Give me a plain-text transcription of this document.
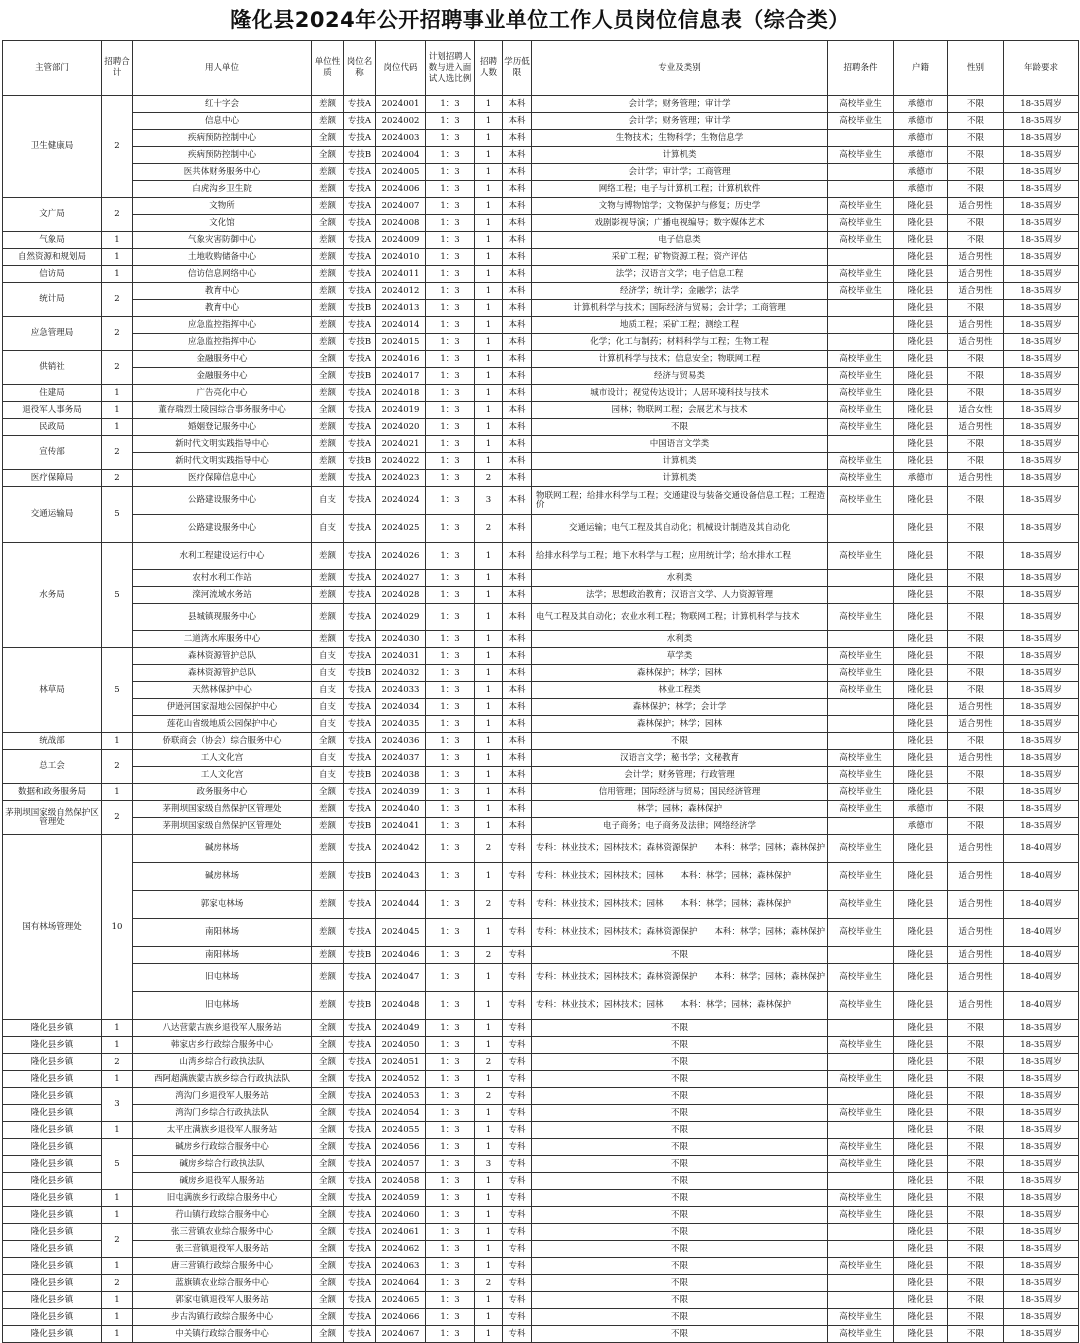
隆化县2024年公开招聘事业单位工作人员岗位信息表（综合类）
主管部门	招聘合计	用人单位	单位性质	岗位名称	岗位代码	计划招聘人数与进入面试人选比例	招聘人数	学历低限	专业及类别	招聘条件	户籍	性别	年龄要求
卫生健康局	2	红十字会	差额	专技A	2024001	1：3	1	本科	会计学；财务管理；审计学	高校毕业生	承德市	不限	18-35周岁
		信息中心	差额	专技A	2024002	1：3	1	本科	会计学；财务管理；审计学	高校毕业生	承德市	不限	18-35周岁
		疾病预防控制中心	全额	专技A	2024003	1：3	1	本科	生物技术；生物科学；生物信息学		承德市	不限	18-35周岁
		疾病预防控制中心	全额	专技B	2024004	1：3	1	本科	计算机类	高校毕业生	承德市	不限	18-35周岁
		医共体财务服务中心	差额	专技A	2024005	1：3	1	本科	会计学；审计学；工商管理		承德市	不限	18-35周岁
		白虎沟乡卫生院	差额	专技A	2024006	1：3	1	本科	网络工程；电子与计算机工程；计算机软件		承德市	不限	18-35周岁
文广局	2	文物所	差额	专技A	2024007	1：3	1	本科	文物与博物馆学；文物保护与修复；历史学	高校毕业生	隆化县	适合男性	18-35周岁
		文化馆	全额	专技A	2024008	1：3	1	本科	戏剧影视导演；广播电视编导；数字媒体艺术	高校毕业生	隆化县	不限	18-35周岁
气象局	1	气象灾害防御中心	差额	专技A	2024009	1：3	1	本科	电子信息类	高校毕业生	隆化县	不限	18-35周岁
自然资源和规划局	1	土地收购储备中心	差额	专技A	2024010	1：3	1	本科	采矿工程；矿物资源工程；资产评估		隆化县	适合男性	18-35周岁
信访局	1	信访信息网络中心	差额	专技A	2024011	1：3	1	本科	法学；汉语言文学；电子信息工程	高校毕业生	隆化县	适合男性	18-35周岁
统计局	2	教育中心	差额	专技A	2024012	1：3	1	本科	经济学；统计学；金融学；法学	高校毕业生	隆化县	适合男性	18-35周岁
		教育中心	差额	专技B	2024013	1：3	1	本科	计算机科学与技术；国际经济与贸易；会计学；工商管理		隆化县	不限	18-35周岁
应急管理局	2	应急监控指挥中心	差额	专技A	2024014	1：3	1	本科	地质工程；采矿工程；测绘工程		隆化县	适合男性	18-35周岁
		应急监控指挥中心	差额	专技B	2024015	1：3	1	本科	化学；化工与制药；材料科学与工程；生物工程		隆化县	适合男性	18-35周岁
供销社	2	金融服务中心	全额	专技A	2024016	1：3	1	本科	计算机科学与技术；信息安全；物联网工程	高校毕业生	隆化县	不限	18-35周岁
		金融服务中心	全额	专技B	2024017	1：3	1	本科	经济与贸易类	高校毕业生	隆化县	不限	18-35周岁
住建局	1	广告亮化中心	差额	专技A	2024018	1：3	1	本科	城市设计；视觉传达设计；人居环境科技与技术	高校毕业生	隆化县	不限	18-35周岁
退役军人事务局	1	董存瑞烈士陵园综合事务服务中心	全额	专技A	2024019	1：3	1	本科	园林；物联网工程；会展艺术与技术	高校毕业生	隆化县	适合女性	18-35周岁
民政局	1	婚姻登记服务中心	差额	专技A	2024020	1：3	1	本科	不限	高校毕业生	隆化县	适合男性	18-35周岁
宣传部	2	新时代文明实践指导中心	差额	专技A	2024021	1：3	1	本科	中国语言文学类		隆化县	不限	18-35周岁
		新时代文明实践指导中心	差额	专技B	2024022	1：3	1	本科	计算机类	高校毕业生	隆化县	不限	18-35周岁
医疗保障局	2	医疗保障信息中心	差额	专技A	2024023	1：3	2	本科	计算机类	高校毕业生	承德市	适合男性	18-35周岁
交通运输局	5	公路建设服务中心	自支	专技A	2024024	1：3	3	本科	物联网工程；给排水科学与工程；交通建设与装备交通设备信息工程；工程造价	高校毕业生	隆化县	不限	18-35周岁
		公路建设服务中心	自支	专技A	2024025	1：3	2	本科	交通运输；电气工程及其自动化；机械设计制造及其自动化		隆化县	不限	18-35周岁
水务局	5	水利工程建设运行中心	差额	专技A	2024026	1：3	1	本科	给排水科学与工程；地下水科学与工程；应用统计学；给水排水工程	高校毕业生	隆化县	不限	18-35周岁
		农村水利工作站	差额	专技A	2024027	1：3	1	本科	水利类		隆化县	不限	18-35周岁
		滦河流域水务站	差额	专技A	2024028	1：3	1	本科	法学；思想政治教育；汉语言文学、人力资源管理		隆化县	不限	18-35周岁
		县城镇现服务中心	差额	专技A	2024029	1：3	1	本科	电气工程及其自动化；农业水利工程；物联网工程；计算机科学与技术	高校毕业生	隆化县	不限	18-35周岁
		二道湾水库服务中心	差额	专技A	2024030	1：3	1	本科	水利类		隆化县	不限	18-35周岁
林草局	5	森林资源管护总队	自支	专技A	2024031	1：3	1	本科	草学类	高校毕业生	隆化县	不限	18-35周岁
		森林资源管护总队	自支	专技B	2024032	1：3	1	本科	森林保护；林学；园林	高校毕业生	隆化县	不限	18-35周岁
		天然林保护中心	自支	专技A	2024033	1：3	1	本科	林业工程类	高校毕业生	隆化县	不限	18-35周岁
		伊逊河国家湿地公园保护中心	自支	专技A	2024034	1：3	1	本科	森林保护；林学；会计学		隆化县	适合男性	18-35周岁
		莲花山省级地质公园保护中心	自支	专技A	2024035	1：3	1	本科	森林保护；林学；园林		隆化县	适合男性	18-35周岁
统战部	1	侨联商会（协会）综合服务中心	全额	专技A	2024036	1：3	1	本科	不限		隆化县	不限	18-35周岁
总工会	2	工人文化宫	自支	专技A	2024037	1：3	1	本科	汉语言文学；秘书学；文秘教育	高校毕业生	隆化县	适合男性	18-35周岁
		工人文化宫	自支	专技B	2024038	1：3	1	本科	会计学；财务管理；行政管理	高校毕业生	隆化县	不限	18-35周岁
数据和政务服务局	1	政务服务中心	全额	专技A	2024039	1：3	1	本科	信用管理；国际经济与贸易；国民经济管理	高校毕业生	隆化县	不限	18-35周岁
茅荆坝国家级自然保护区管理处	2	茅荆坝国家级自然保护区管理处	差额	专技A	2024040	1：3	1	本科	林学；园林；森林保护	高校毕业生	承德市	不限	18-35周岁
		茅荆坝国家级自然保护区管理处	差额	专技B	2024041	1：3	1	本科	电子商务；电子商务及法律；网络经济学		承德市	不限	18-35周岁
国有林场管理处	10	碱房林场	差额	专技A	2024042	1：3	2	专科	专科：林业技术；园林技术；森林资源保护　　本科：林学；园林；森林保护	高校毕业生	隆化县	适合男性	18-40周岁
		碱房林场	差额	专技B	2024043	1：3	1	专科	专科：林业技术；园林技术；园林　　本科：林学；园林；森林保护	高校毕业生	隆化县	适合男性	18-40周岁
		郭家屯林场	差额	专技A	2024044	1：3	2	专科	专科：林业技术；园林技术；园林　　本科：林学；园林；森林保护	高校毕业生	隆化县	适合男性	18-40周岁
		南阳林场	差额	专技A	2024045	1：3	1	专科	专科：林业技术；园林技术；森林资源保护　　本科：林学；园林；森林保护	高校毕业生	隆化县	适合男性	18-40周岁
		南阳林场	差额	专技B	2024046	1：3	2	专科	不限		隆化县	适合男性	18-40周岁
		旧屯林场	差额	专技A	2024047	1：3	1	专科	专科：林业技术；园林技术；森林资源保护　　本科：林学；园林；森林保护	高校毕业生	隆化县	适合男性	18-40周岁
		旧屯林场	差额	专技B	2024048	1：3	1	专科	专科：林业技术；园林技术；园林　　本科：林学；园林；森林保护	高校毕业生	隆化县	适合男性	18-40周岁
隆化县乡镇	1	八达营蒙古族乡退役军人服务站	全额	专技A	2024049	1：3	1	专科	不限		隆化县	不限	18-35周岁
隆化县乡镇	1	韩家店乡行政综合服务中心	全额	专技A	2024050	1：3	1	专科	不限	高校毕业生	隆化县	不限	18-35周岁
隆化县乡镇	2	山湾乡综合行政执法队	全额	专技A	2024051	1：3	2	专科	不限		隆化县	不限	18-35周岁
隆化县乡镇	1	西阿超满族蒙古族乡综合行政执法队	全额	专技A	2024052	1：3	1	专科	不限	高校毕业生	隆化县	不限	18-35周岁
隆化县乡镇	3	湾沟门乡退役军人服务站	全额	专技A	2024053	1：3	2	专科	不限		隆化县	不限	18-35周岁
隆化县乡镇		湾沟门乡综合行政执法队	全额	专技A	2024054	1：3	1	专科	不限	高校毕业生	隆化县	不限	18-35周岁
隆化县乡镇	1	太平庄满族乡退役军人服务站	全额	专技A	2024055	1：3	1	专科	不限		隆化县	不限	18-35周岁
隆化县乡镇	5	碱房乡行政综合服务中心	全额	专技A	2024056	1：3	1	专科	不限	高校毕业生	隆化县	不限	18-35周岁
隆化县乡镇		碱房乡综合行政执法队	全额	专技A	2024057	1：3	3	专科	不限	高校毕业生	隆化县	不限	18-35周岁
隆化县乡镇		碱房乡退役军人服务站	全额	专技A	2024058	1：3	1	专科	不限		隆化县	不限	18-35周岁
隆化县乡镇	1	旧屯满族乡行政综合服务中心	全额	专技A	2024059	1：3	1	专科	不限	高校毕业生	隆化县	不限	18-35周岁
隆化县乡镇	1	荇山镇行政综合服务中心	全额	专技A	2024060	1：3	1	专科	不限	高校毕业生	隆化县	不限	18-35周岁
隆化县乡镇	2	张三营镇农业综合服务中心	全额	专技A	2024061	1：3	1	专科	不限		隆化县	不限	18-35周岁
隆化县乡镇		张三营镇退役军人服务站	全额	专技A	2024062	1：3	1	专科	不限		隆化县	不限	18-35周岁
隆化县乡镇	1	唐三营镇行政综合服务中心	全额	专技A	2024063	1：3	1	专科	不限	高校毕业生	隆化县	不限	18-35周岁
隆化县乡镇	2	蓝旗镇农业综合服务中心	全额	专技A	2024064	1：3	2	专科	不限		隆化县	不限	18-35周岁
隆化县乡镇	1	郭家屯镇退役军人服务站	全额	专技A	2024065	1：3	1	专科	不限		隆化县	不限	18-35周岁
隆化县乡镇	1	步古沟镇行政综合服务中心	全额	专技A	2024066	1：3	1	专科	不限	高校毕业生	隆化县	不限	18-35周岁
隆化县乡镇	1	中关镇行政综合服务中心	全额	专技A	2024067	1：3	1	专科	不限	高校毕业生	隆化县	不限	18-35周岁
